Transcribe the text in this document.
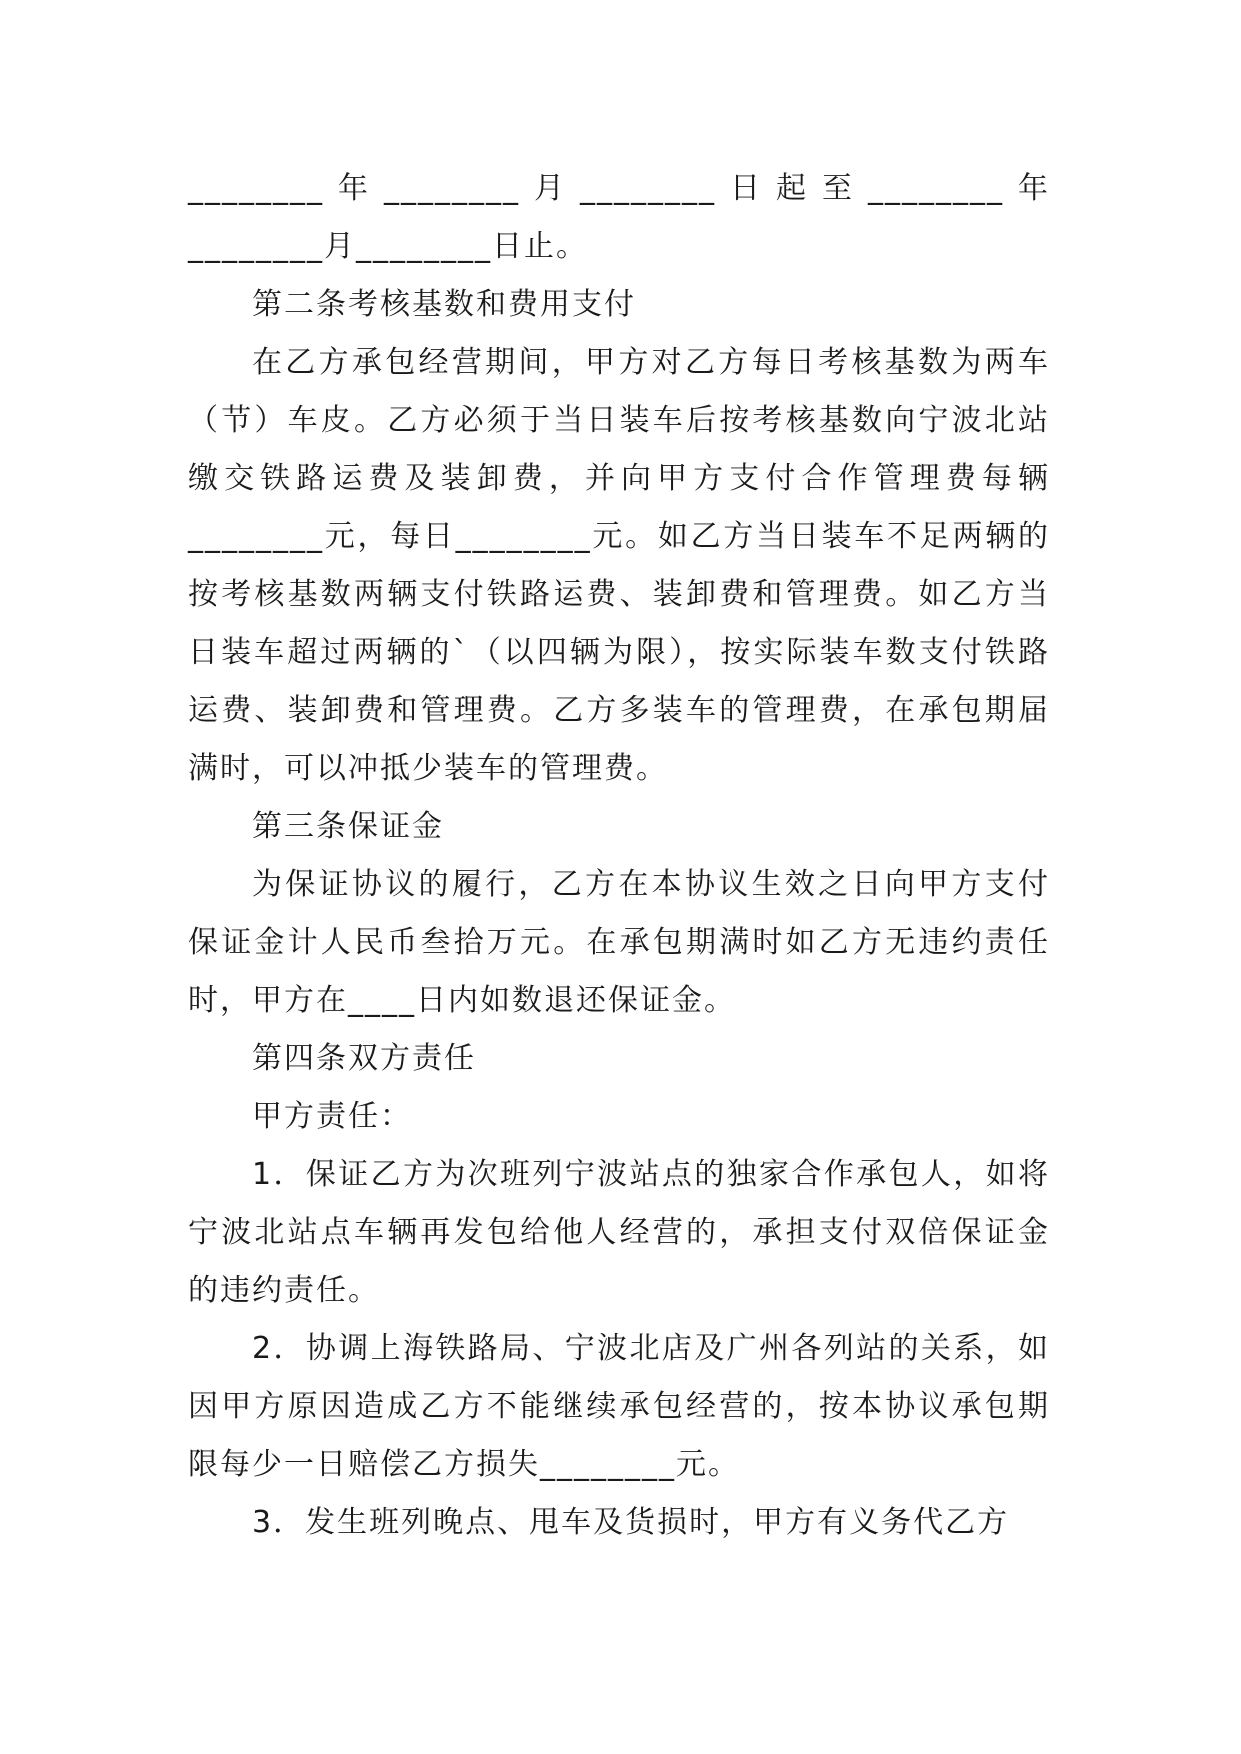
________年________月________日起至________年________月________日止。

第二条考核基数和费用支付

在乙方承包经营期间，甲方对乙方每日考核基数为两车（节）车皮。乙方必须于当日装车后按考核基数向宁波北站缴交铁路运费及装卸费，并向甲方支付合作管理费每辆________元，每日________元。如乙方当日装车不足两辆的按考核基数两辆支付铁路运费、装卸费和管理费。如乙方当日装车超过两辆的`（以四辆为限），按实际装车数支付铁路运费、装卸费和管理费。乙方多装车的管理费，在承包期届满时，可以冲抵少装车的管理费。

第三条保证金

为保证协议的履行，乙方在本协议生效之日向甲方支付保证金计人民币叁拾万元。在承包期满时如乙方无违约责任时，甲方在____日内如数退还保证金。

第四条双方责任

甲方责任：

1．保证乙方为次班列宁波站点的独家合作承包人，如将宁波北站点车辆再发包给他人经营的，承担支付双倍保证金的违约责任。

2．协调上海铁路局、宁波北店及广州各列站的关系，如因甲方原因造成乙方不能继续承包经营的，按本协议承包期限每少一日赔偿乙方损失________元。

3．发生班列晚点、甩车及货损时，甲方有义务代乙方
